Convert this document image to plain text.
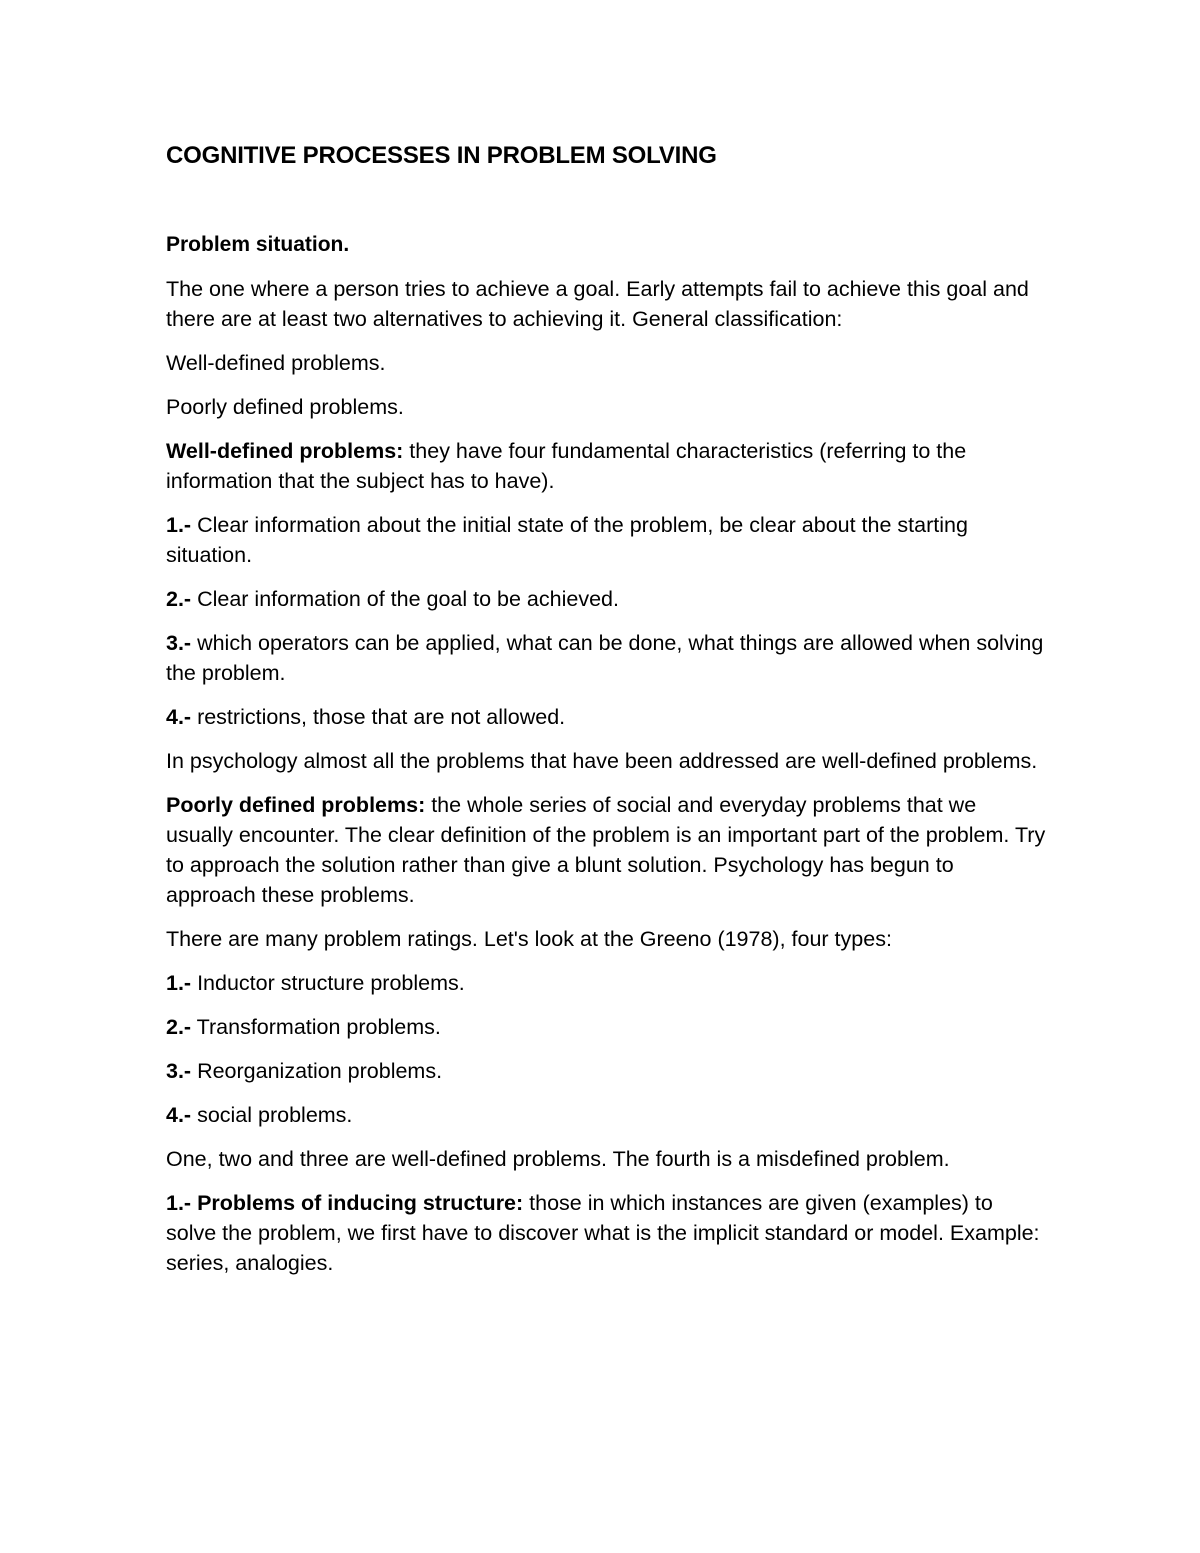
COGNITIVE PROCESSES IN PROBLEM SOLVING
Problem situation.

The one where a person tries to achieve a goal. Early attempts fail to achieve this goal and there are at least two alternatives to achieving it. General classification:

Well-defined problems.

Poorly defined problems.

Well-defined problems: they have four fundamental characteristics (referring to the information that the subject has to have).

1.- Clear information about the initial state of the problem, be clear about the starting situation.

2.- Clear information of the goal to be achieved.

3.- which operators can be applied, what can be done, what things are allowed when solving the problem.

4.- restrictions, those that are not allowed.

In psychology almost all the problems that have been addressed are well-defined problems.

Poorly defined problems: the whole series of social and everyday problems that we usually encounter. The clear definition of the problem is an important part of the problem. Try to approach the solution rather than give a blunt solution. Psychology has begun to approach these problems.

There are many problem ratings. Let's look at the Greeno (1978), four types:

1.- Inductor structure problems.

2.- Transformation problems.

3.- Reorganization problems.

4.- social problems.

One, two and three are well-defined problems. The fourth is a misdefined problem.

1.- Problems of inducing structure: those in which instances are given (examples) to solve the problem, we first have to discover what is the implicit standard or model. Example: series, analogies.
